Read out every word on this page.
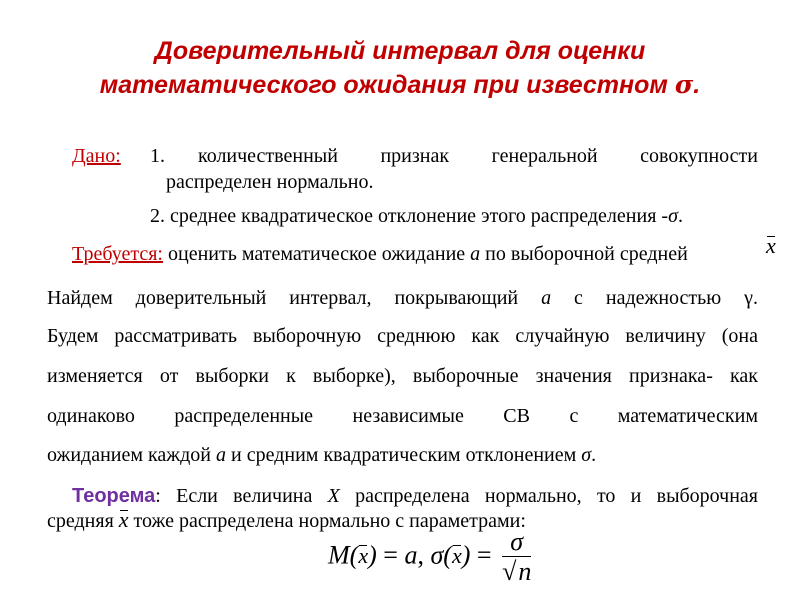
Доверительный интервал для оценки
математического ожидания при известном σ.
Дано: 1. количественный признак генеральной совокупности
распределен нормально.
2. среднее квадратическое отклонение этого распределения -σ.
Требуется: оценить математическое ожидание a по выборочной средней	x
Найдем доверительный интервал, покрывающий a с надежностью γ.
Будем рассматривать выборочную среднюю как случайную величину (она
изменяется от выборки к выборке), выборочные значения признака- как
одинаково распределенные независимые СВ с математическим
ожиданием каждой a и средним квадратическим отклонением σ.
Теорема: Если величина X распределена нормально, то и выборочная
средняя x тоже распределена нормально с параметрами:
M(x) = a, $\sigma(x) = \frac{\sigma}{√n}$
